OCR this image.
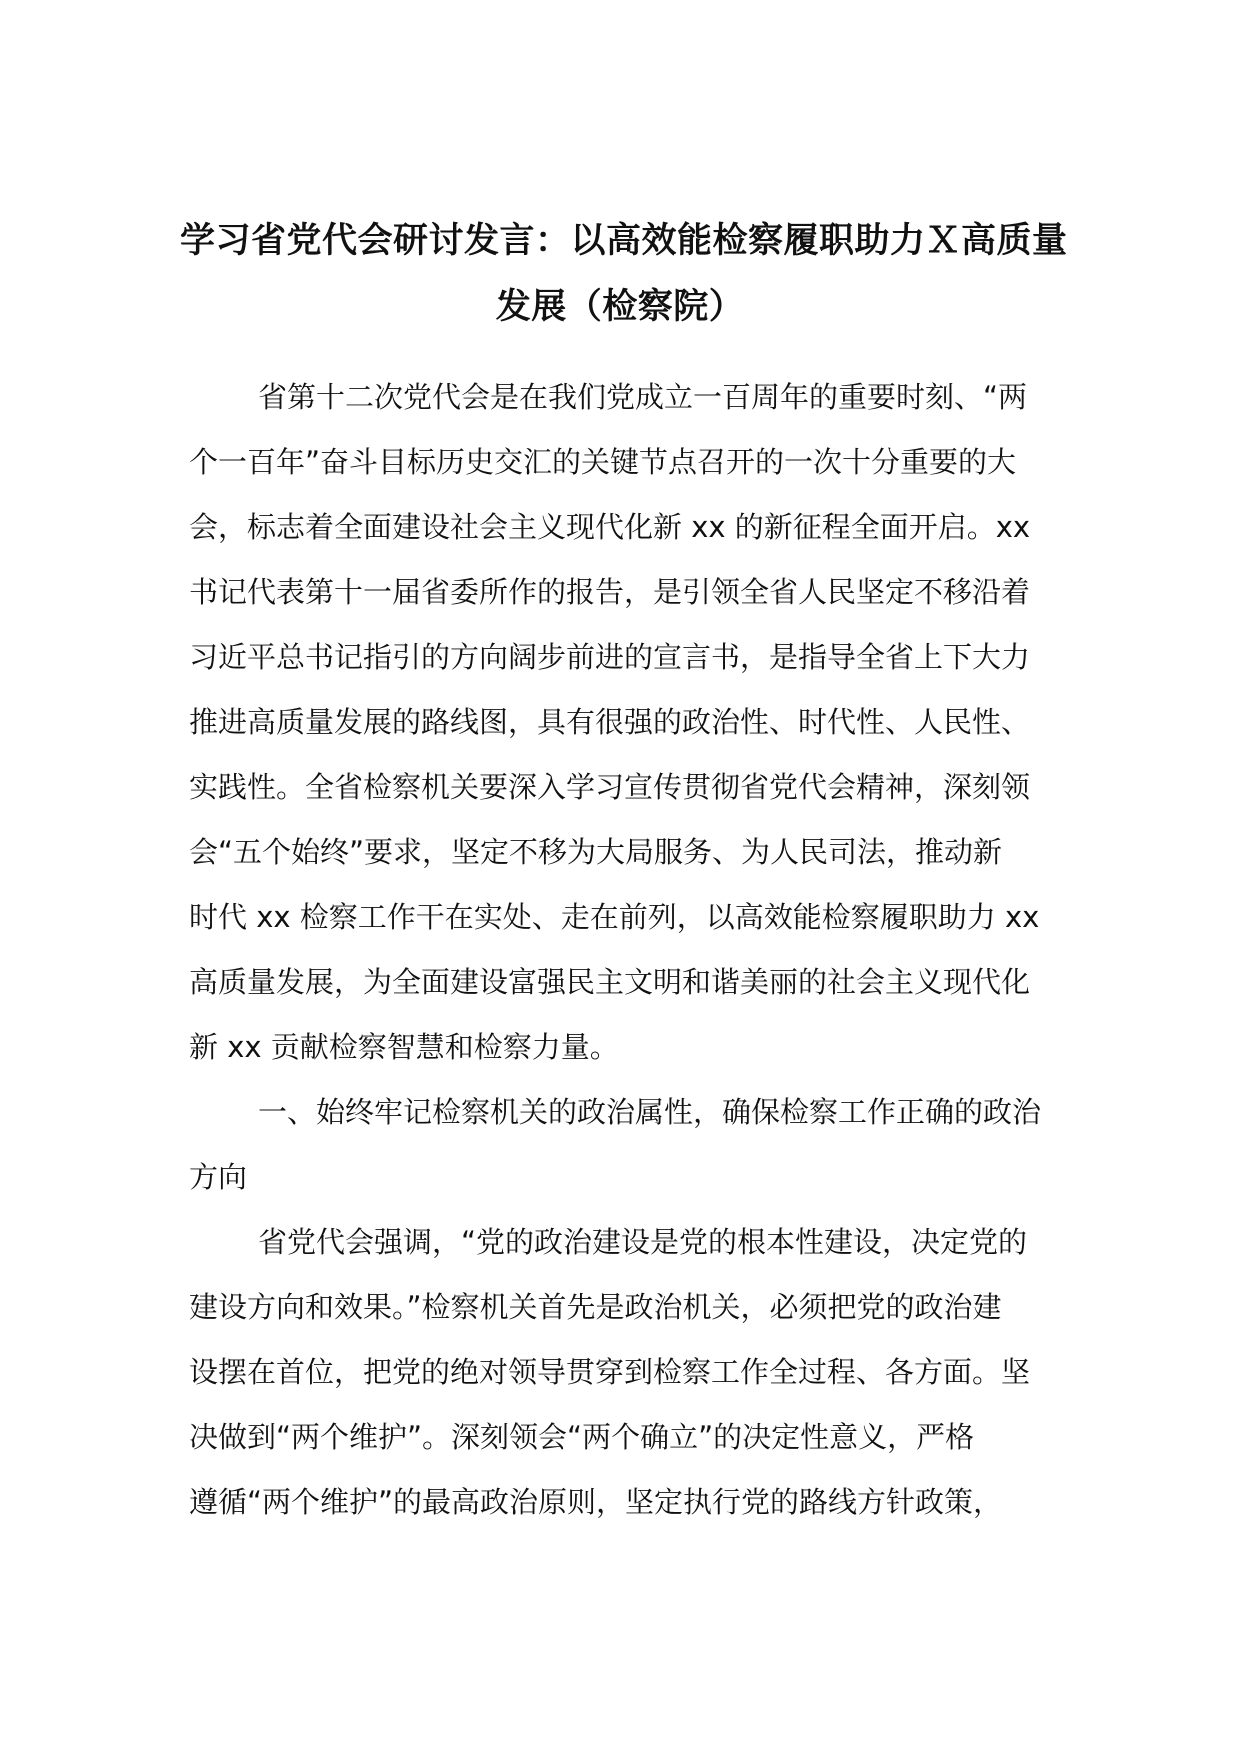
学习省党代会研讨发言：以高效能检察履职助力Ｘ高质量
发展（检察院）
省第十二次党代会是在我们党成立一百周年的重要时刻、“两
个一百年”奋斗目标历史交汇的关键节点召开的一次十分重要的大
会，标志着全面建设社会主义现代化新 xx 的新征程全面开启。xx
书记代表第十一届省委所作的报告，是引领全省人民坚定不移沿着
习近平总书记指引的方向阔步前进的宣言书，是指导全省上下大力
推进高质量发展的路线图，具有很强的政治性、时代性、人民性、
实践性。全省检察机关要深入学习宣传贯彻省党代会精神，深刻领
会“五个始终”要求，坚定不移为大局服务、为人民司法，推动新
时代 xx 检察工作干在实处、走在前列，以高效能检察履职助力 xx
高质量发展，为全面建设富强民主文明和谐美丽的社会主义现代化
新 xx 贡献检察智慧和检察力量。
一、始终牢记检察机关的政治属性，确保检察工作正确的政治
方向
省党代会强调，“党的政治建设是党的根本性建设，决定党的
建设方向和效果。”检察机关首先是政治机关，必须把党的政治建
设摆在首位，把党的绝对领导贯穿到检察工作全过程、各方面。坚
决做到“两个维护”。深刻领会“两个确立”的决定性意义，严格
遵循“两个维护”的最高政治原则，坚定执行党的路线方针政策，
